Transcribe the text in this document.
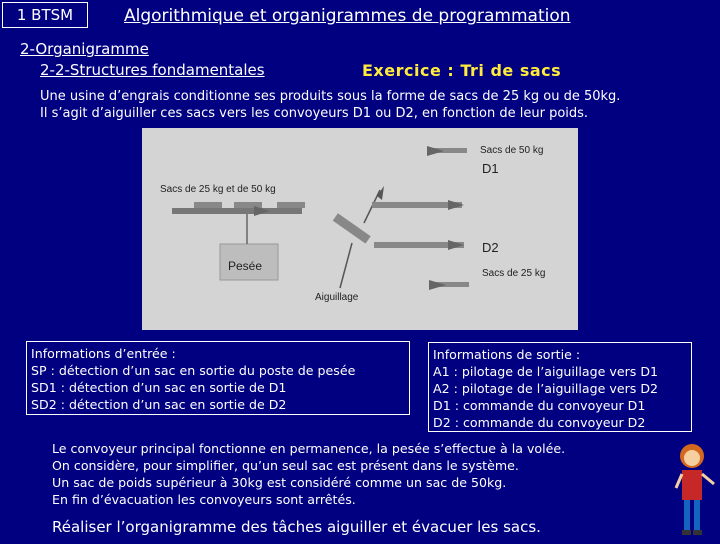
1 BTSM	Algorithmique et organigrammes de programmation
2-Organigramme
2-2-Structures fondamentales	Exercice : Tri de sacs
Une usine d’engrais conditionne ses produits sous la forme de sacs de 25 kg ou de 50kg.
Il s’agit d’aiguiller ces sacs vers les convoyeurs D1 ou D2, en fonction de leur poids.
Sacs de 50 kg
D1
Sacs de 25 kg et de 50 kg
Pesée
D2
Sacs de 25 kg
Aiguillage
Informations d’entrée :
SP : détection d’un sac en sortie du poste de pesée
SD1 : détection d’un sac en sortie de D1
SD2 : détection d’un sac en sortie de D2
Informations de sortie :
A1 : pilotage de l’aiguillage vers D1
A2 : pilotage de l’aiguillage vers D2
D1 : commande du convoyeur D1
D2 : commande du convoyeur D2
Le convoyeur principal fonctionne en permanence, la pesée s’effectue à la volée.
On considère, pour simplifier, qu’un seul sac est présent dans le système.
Un sac de poids supérieur à 30kg est considéré comme un sac de 50kg.
En fin d’évacuation les convoyeurs sont arrêtés.
Réaliser l’organigramme des tâches aiguiller et évacuer les sacs.
